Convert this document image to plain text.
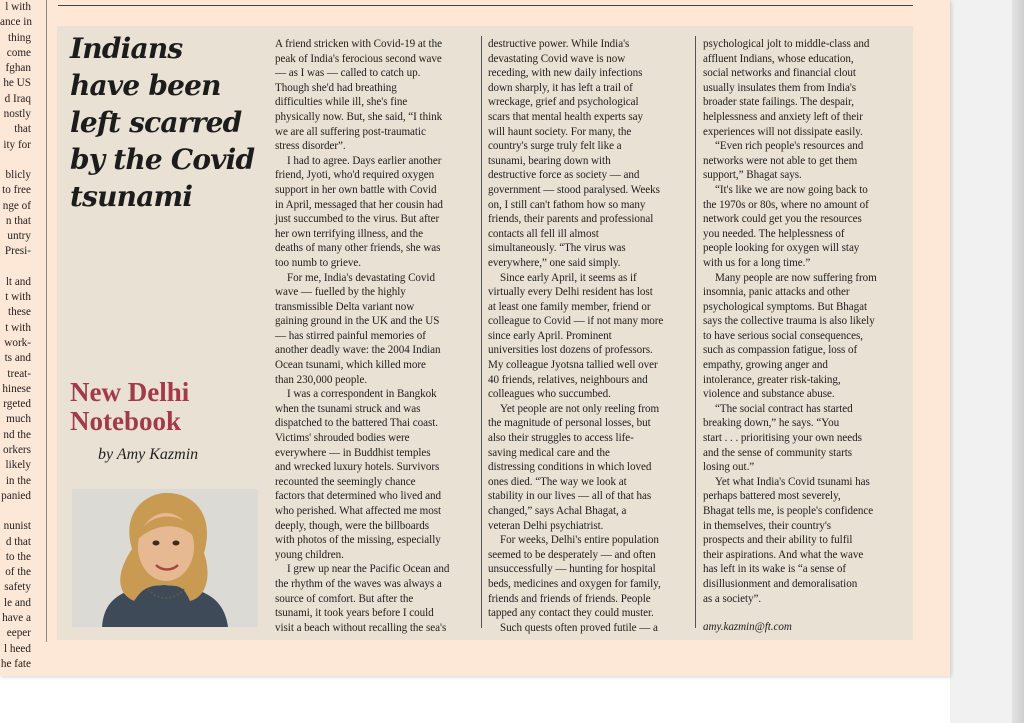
l with
ance in
thing
come
fghan
he US
d Iraq
nostly
that
ity for
blicly
to free
nge of
n that
untry
Presi-
lt and
t with
these
t with
work-
ts and
treat-
hinese
rgeted
much
nd the
orkers
likely
in the
panied
nunist
d that
to the
of the
safety
le and
have a
eeper
l heed
he fate
Indians have been left scarred by the Covid tsunami
New Delhi Notebook
by Amy Kazmin
A friend stricken with Covid-19 at the
peak of India's ferocious second wave
— as I was — called to catch up.
Though she'd had breathing
difficulties while ill, she's fine
physically now. But, she said, “I think
we are all suffering post-traumatic
stress disorder”.
I had to agree. Days earlier another
friend, Jyoti, who'd required oxygen
support in her own battle with Covid
in April, messaged that her cousin had
just succumbed to the virus. But after
her own terrifying illness, and the
deaths of many other friends, she was
too numb to grieve.
For me, India's devastating Covid
wave — fuelled by the highly
transmissible Delta variant now
gaining ground in the UK and the US
— has stirred painful memories of
another deadly wave: the 2004 Indian
Ocean tsunami, which killed more
than 230,000 people.
I was a correspondent in Bangkok
when the tsunami struck and was
dispatched to the battered Thai coast.
Victims' shrouded bodies were
everywhere — in Buddhist temples
and wrecked luxury hotels. Survivors
recounted the seemingly chance
factors that determined who lived and
who perished. What affected me most
deeply, though, were the billboards
with photos of the missing, especially
young children.
I grew up near the Pacific Ocean and
the rhythm of the waves was always a
source of comfort. But after the
tsunami, it took years before I could
visit a beach without recalling the sea's
destructive power. While India's
devastating Covid wave is now
receding, with new daily infections
down sharply, it has left a trail of
wreckage, grief and psychological
scars that mental health experts say
will haunt society. For many, the
country's surge truly felt like a
tsunami, bearing down with
destructive force as society — and
government — stood paralysed. Weeks
on, I still can't fathom how so many
friends, their parents and professional
contacts all fell ill almost
simultaneously. “The virus was
everywhere,” one said simply.
Since early April, it seems as if
virtually every Delhi resident has lost
at least one family member, friend or
colleague to Covid — if not many more
since early April. Prominent
universities lost dozens of professors.
My colleague Jyotsna tallied well over
40 friends, relatives, neighbours and
colleagues who succumbed.
Yet people are not only reeling from
the magnitude of personal losses, but
also their struggles to access life-
saving medical care and the
distressing conditions in which loved
ones died. “The way we look at
stability in our lives — all of that has
changed,” says Achal Bhagat, a
veteran Delhi psychiatrist.
For weeks, Delhi's entire population
seemed to be desperately — and often
unsuccessfully — hunting for hospital
beds, medicines and oxygen for family,
friends and friends of friends. People
tapped any contact they could muster.
Such quests often proved futile — a
psychological jolt to middle-class and
affluent Indians, whose education,
social networks and financial clout
usually insulates them from India's
broader state failings. The despair,
helplessness and anxiety left of their
experiences will not dissipate easily.
“Even rich people's resources and
networks were not able to get them
support,” Bhagat says.
“It's like we are now going back to
the 1970s or 80s, where no amount of
network could get you the resources
you needed. The helplessness of
people looking for oxygen will stay
with us for a long time.”
Many people are now suffering from
insomnia, panic attacks and other
psychological symptoms. But Bhagat
says the collective trauma is also likely
to have serious social consequences,
such as compassion fatigue, loss of
empathy, growing anger and
intolerance, greater risk-taking,
violence and substance abuse.
“The social contract has started
breaking down,” he says. “You
start . . . prioritising your own needs
and the sense of community starts
losing out.”
Yet what India's Covid tsunami has
perhaps battered most severely,
Bhagat tells me, is people's confidence
in themselves, their country's
prospects and their ability to fulfil
their aspirations. And what the wave
has left in its wake is “a sense of
disillusionment and demoralisation
as a society”.
amy.kazmin@ft.com
